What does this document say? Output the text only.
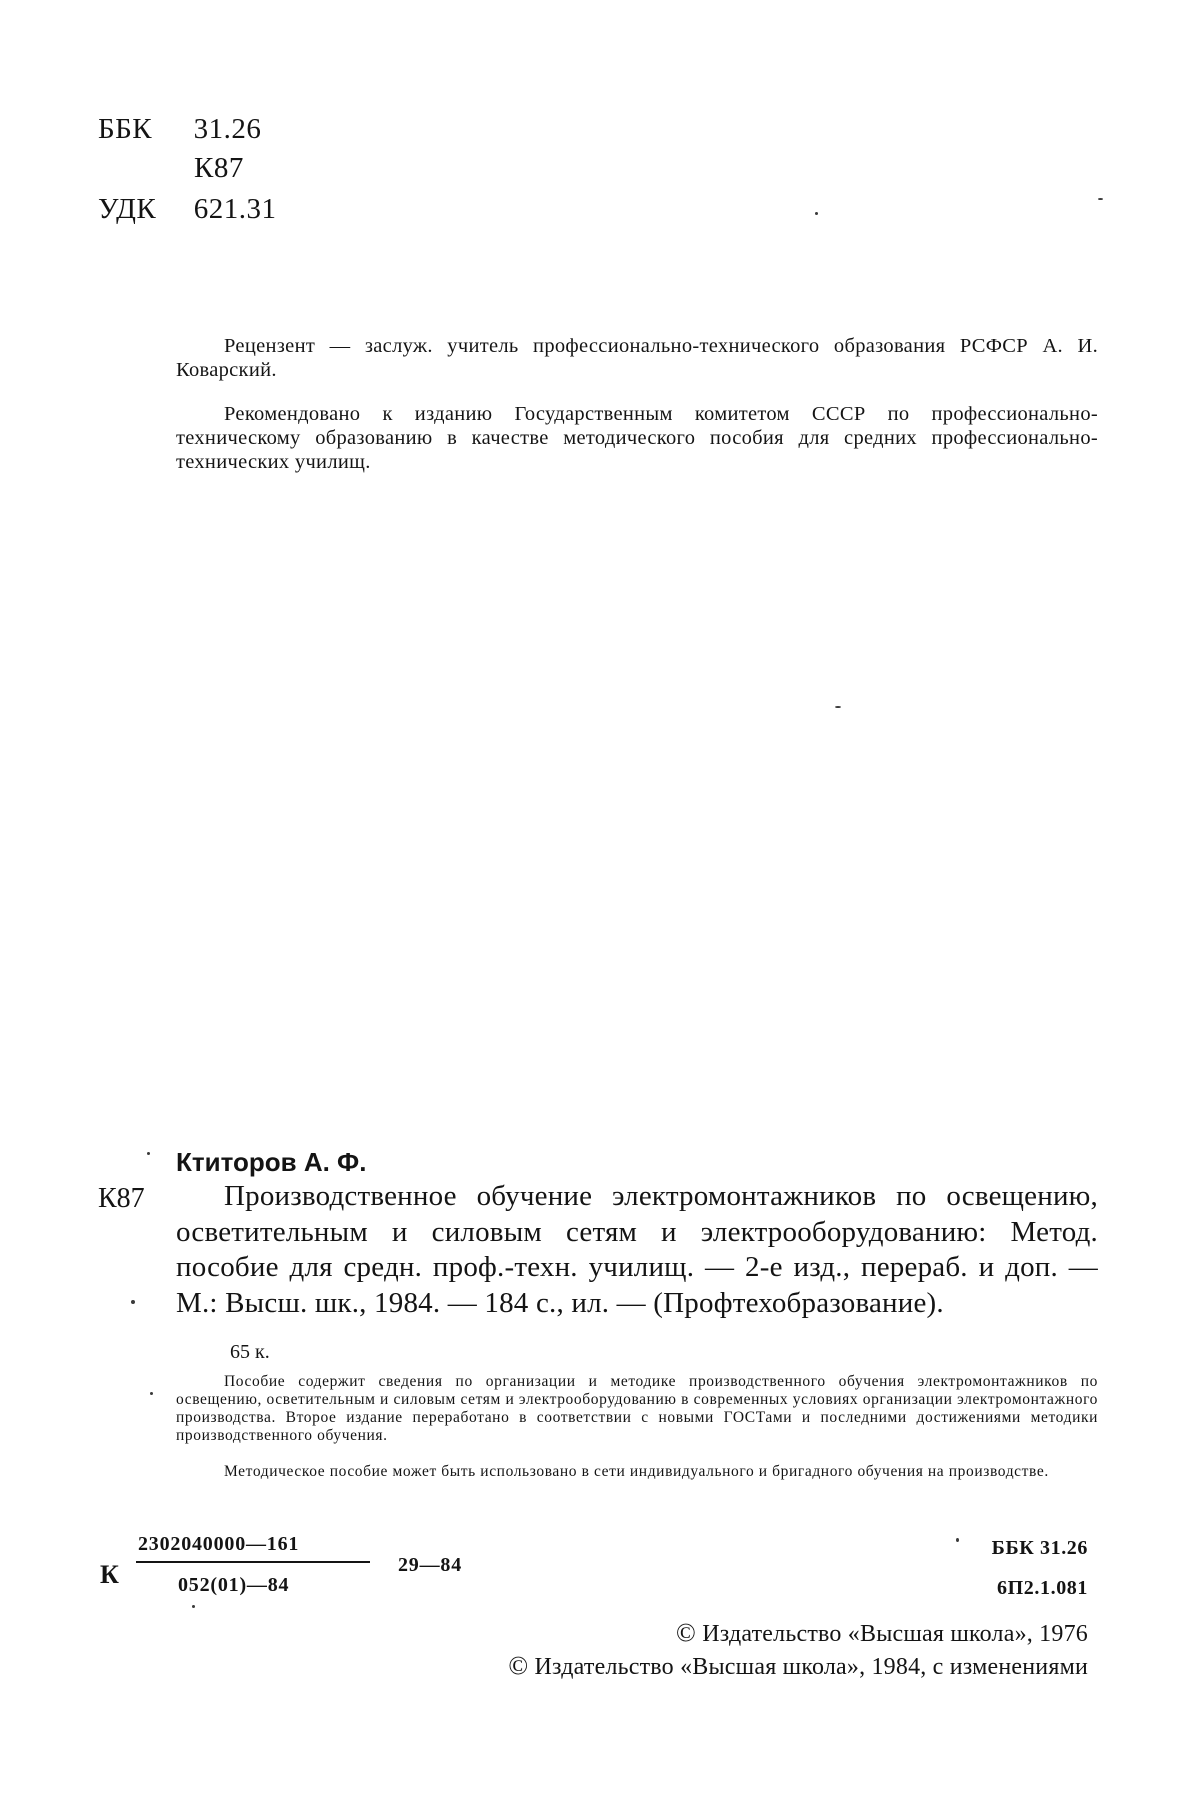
ББК 31.26
К87
УДК 621.31
Рецензент — заслуж. учитель профессионально-технического образования РСФСР А. И. Коварский.
Рекомендовано к изданию Государственным комитетом СССР по профессионально-техническому образованию в качестве методического пособия для средних профессионально-технических училищ.
Ктиторов А. Ф.
К87	Производственное обучение электромонтажников по освещению, осветительным и силовым сетям и электрооборудованию: Метод. пособие для средн. проф.-техн. училищ. — 2-е изд., перераб. и доп. — М.: Высш. шк., 1984. — 184 с., ил. — (Профтехобразование).
65 к.
Пособие содержит сведения по организации и методике производственного обучения электромонтажников по освещению, осветительным и силовым сетям и электрооборудованию в современных условиях организации электромонтажного производства. Второе издание переработано в соответствии с новыми ГОСТами и последними достижениями методики производственного обучения.
Методическое пособие может быть использовано в сети индивидуального и бригадного обучения на производстве.
К
2302040000—161
052(01)—84
29—84
ББК 31.26
6П2.1.081
© Издательство «Высшая школа», 1976
© Издательство «Высшая школа», 1984, с изменениями
